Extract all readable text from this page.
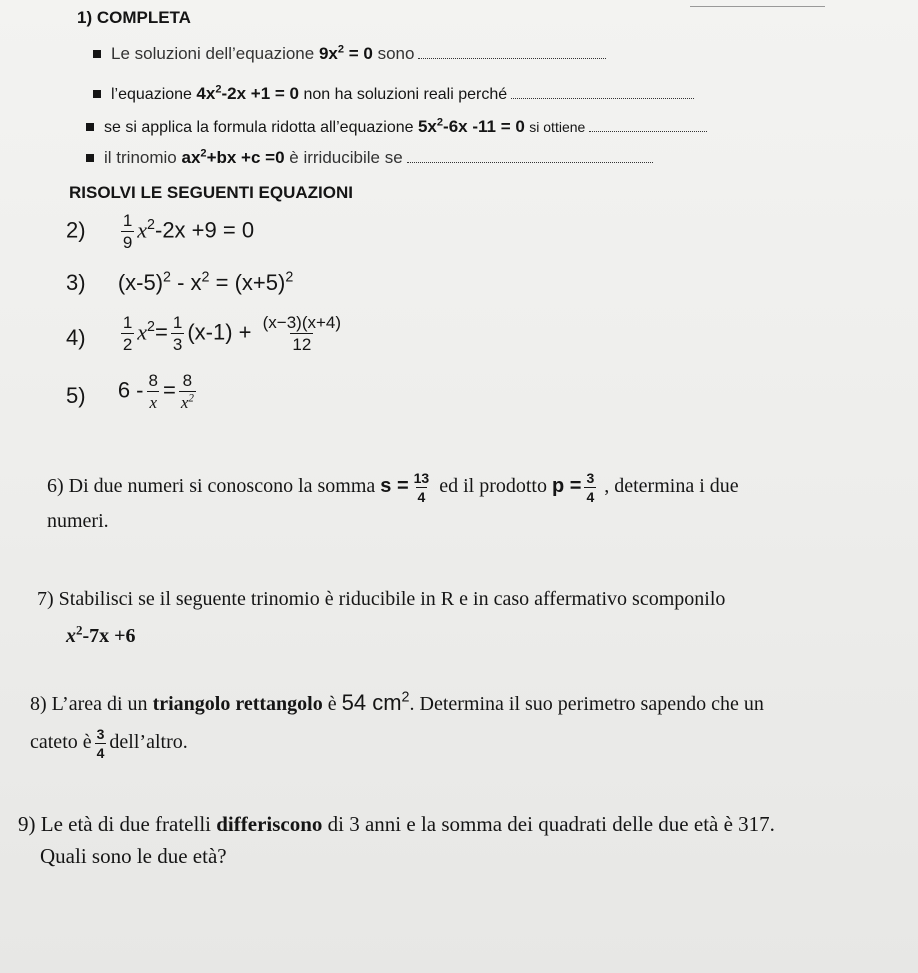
1) COMPLETA
Le soluzioni dell’equazione $9x^2 = 0$ sono
l’equazione $4x^2-2x +1 = 0$ non ha soluzioni reali perché
se si applica la formula ridotta all’equazione $5x^2-6x$ -11 = 0 si ottiene
il trinomio $ax^2+bx +c =0$ è irriducibile se
RISOLVI LE SEGUENTI EQUAZIONI
$2) \frac{1}{9} x^2-2x +9 = 0$
3) $(x-5)^2 - x^2 = (x+5)^2$
$4) \frac{1}{2} x^2= \frac{1}{3} (x-1) + \frac{(x-3)(x+4)}{12}$
5) $6 - \frac{8}{x} = \frac{8}{x^2}$
6) Di due numeri si conoscono la somma $s = \frac{13}{4}$ ed il prodotto $p = \frac{3}{4}$ , determina i due
numeri.
7) Stabilisci se il seguente trinomio è riducibile in R e in caso affermativo scomponilo
$x^2-7x +6$
8) L’area di un triangolo rettangolo è 54 $cm^2$. Determina il suo perimetro sapendo che un
cateto è $\frac{3}{4}$ dell’altro.
9) Le età di due fratelli differiscono di 3 anni e la somma dei quadrati delle due età è 317.
Quali sono le due età?
